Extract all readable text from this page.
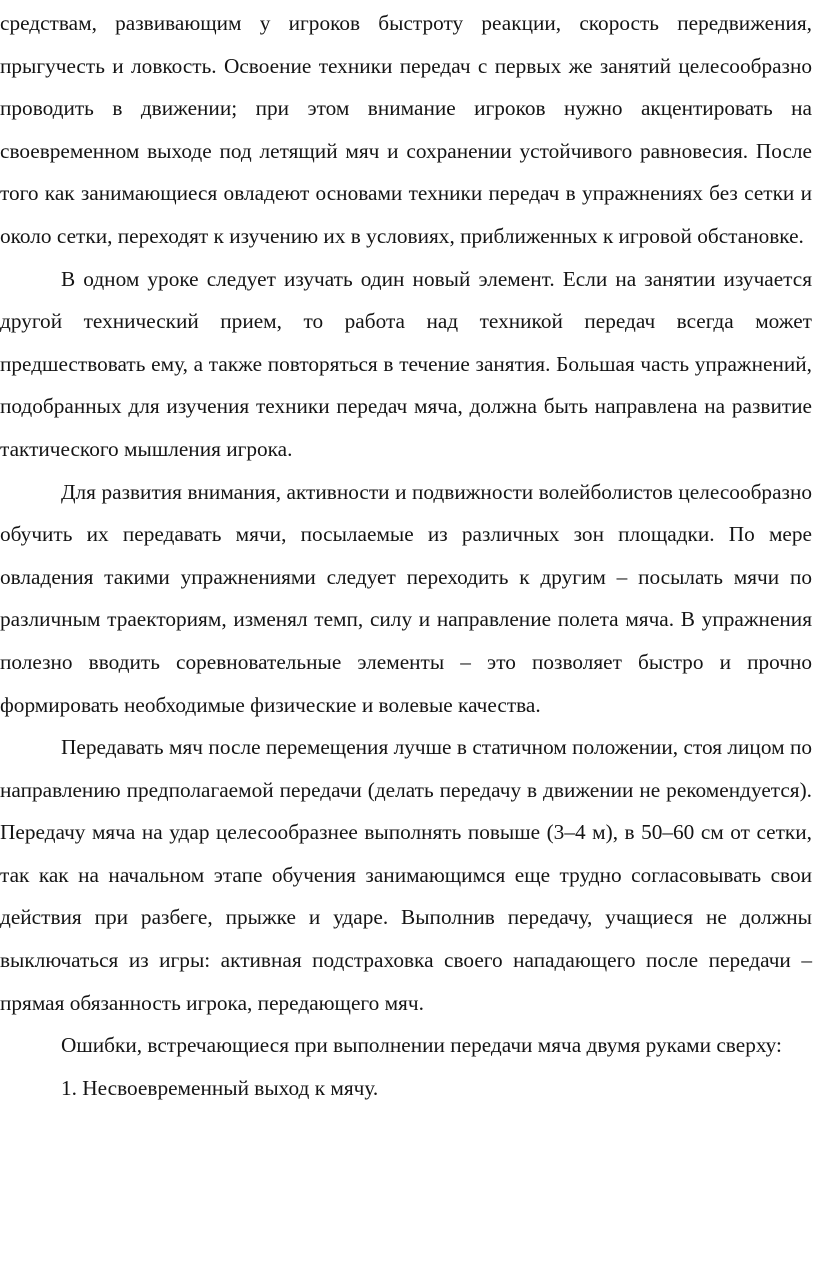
средствам, развивающим у игроков быстроту реакции, скорость передвижения, прыгучесть и ловкость. Освоение техники передач с первых же занятий целесообразно проводить в движении; при этом внимание игроков нужно акцентировать на своевременном выходе под летящий мяч и сохранении устойчивого равновесия. После того как занимающиеся овладеют основами техники передач в упражнениях без сетки и около сетки, переходят к изучению их в условиях, приближенных к игровой обстановке.

В одном уроке следует изучать один новый элемент. Если на занятии изучается другой технический прием, то работа над техникой передач всегда может предшествовать ему, а также повторяться в течение занятия. Большая часть упражнений, подобранных для изучения техники передач мяча, должна быть направлена на развитие тактического мышления игрока.

Для развития внимания, активности и подвижности волейболистов целесообразно обучить их передавать мячи, посылаемые из различных зон площадки. По мере овладения такими упражнениями следует переходить к другим – посылать мячи по различным траекториям, изменял темп, силу и направление полета мяча. В упражнения полезно вводить соревновательные элементы – это позволяет быстро и прочно формировать необходимые физические и волевые качества.

Передавать мяч после перемещения лучше в статичном положении, стоя лицом по направлению предполагаемой передачи (делать передачу в движении не рекомендуется). Передачу мяча на удар целесообразнее выполнять повыше (3–4 м), в 50–60 см от сетки, так как на начальном этапе обучения занимающимся еще трудно согласовывать свои действия при разбеге, прыжке и ударе. Выполнив передачу, учащиеся не должны выключаться из игры: активная подстраховка своего нападающего после передачи – прямая обязанность игрока, передающего мяч.

Ошибки, встречающиеся при выполнении передачи мяча двумя руками сверху:

1. Несвоевременный выход к мячу.
